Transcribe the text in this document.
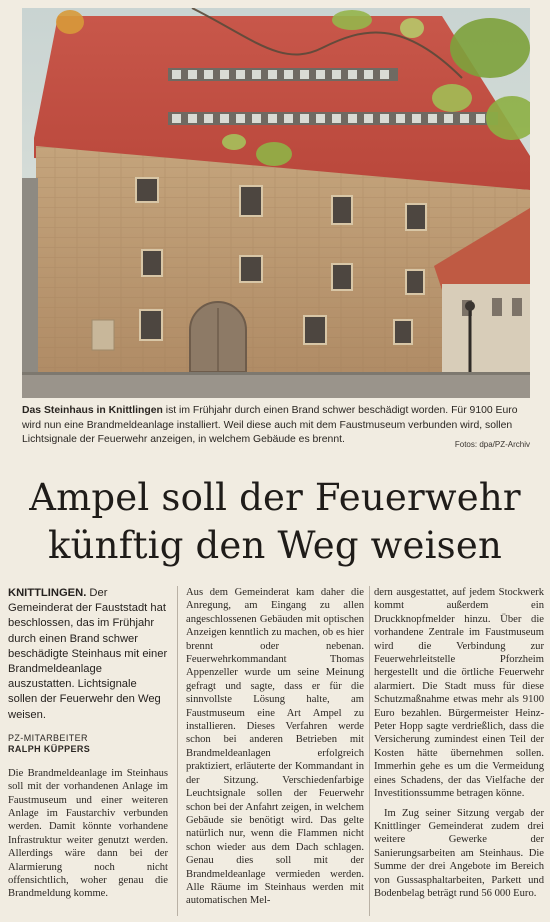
Das Steinhaus in Knittlingen ist im Frühjahr durch einen Brand schwer beschädigt worden. Für 9100 Euro wird nun eine Brandmeldeanlage installiert. Weil diese auch mit dem Faustmuseum verbunden wird, sollen Lichtsignale der Feuerwehr anzeigen, in welchem Gebäude es brennt.	Fotos: dpa/PZ-Archiv
Ampel soll der Feuerwehr
künftig den Weg weisen

KNITTLINGEN. Der Gemeinderat der Fauststadt hat beschlossen, das im Frühjahr durch einen Brand schwer beschädigte Steinhaus mit einer Brandmeldeanlage auszustatten. Lichtsignale sollen der Feuerwehr den Weg weisen.

PZ-MITARBEITER
RALPH KÜPPERS

Die Brandmeldeanlage im Steinhaus soll mit der vorhandenen Anlage im Faustmuseum und einer weiteren Anlage im Faustarchiv verbunden werden. Damit könnte vorhandene Infrastruktur weiter genutzt werden. Allerdings wäre dann bei der Alarmierung noch nicht offensichtlich, woher genau die Brandmeldung komme.

Aus dem Gemeinderat kam daher die Anregung, am Eingang zu allen angeschlossenen Gebäuden mit optischen Anzeigen kenntlich zu machen, ob es hier brennt oder nebenan. Feuerwehrkommandant Thomas Appenzeller wurde um seine Meinung gefragt und sagte, dass er für die sinnvollste Lösung halte, am Faustmuseum eine Art Ampel zu installieren. Dieses Verfahren werde schon bei anderen Betrieben mit Brandmeldeanlagen erfolgreich praktiziert, erläuterte der Kommandant in der Sitzung. Verschiedenfarbige Leuchtsignale sollen der Feuerwehr schon bei der Anfahrt zeigen, in welchem Gebäude sie benötigt wird. Das gelte natürlich nur, wenn die Flammen nicht schon wieder aus dem Dach schlagen. Genau dies soll mit der Brandmeldeanlage vermieden werden. Alle Räume im Steinhaus werden mit automatischen Mel-

dern ausgestattet, auf jedem Stockwerk kommt außerdem ein Druckknopfmelder hinzu. Über die vorhandene Zentrale im Faustmuseum wird die Verbindung zur Feuerwehrleitstelle Pforzheim hergestellt und die örtliche Feuerwehr alarmiert. Die Stadt muss für diese Schutzmaßnahme etwas mehr als 9100 Euro bezahlen. Bürgermeister Heinz-Peter Hopp sagte verdrießlich, dass die Versicherung zumindest einen Teil der Kosten hätte übernehmen sollen. Immerhin gehe es um die Vermeidung eines Schadens, der das Vielfache der Investitionssumme betragen könne.

Im Zug seiner Sitzung vergab der Knittlinger Gemeinderat zudem drei weitere Gewerke der Sanierungsarbeiten am Steinhaus. Die Summe der drei Angebote im Bereich von Gussasphaltarbeiten, Parkett und Bodenbelag beträgt rund 56 000 Euro.
